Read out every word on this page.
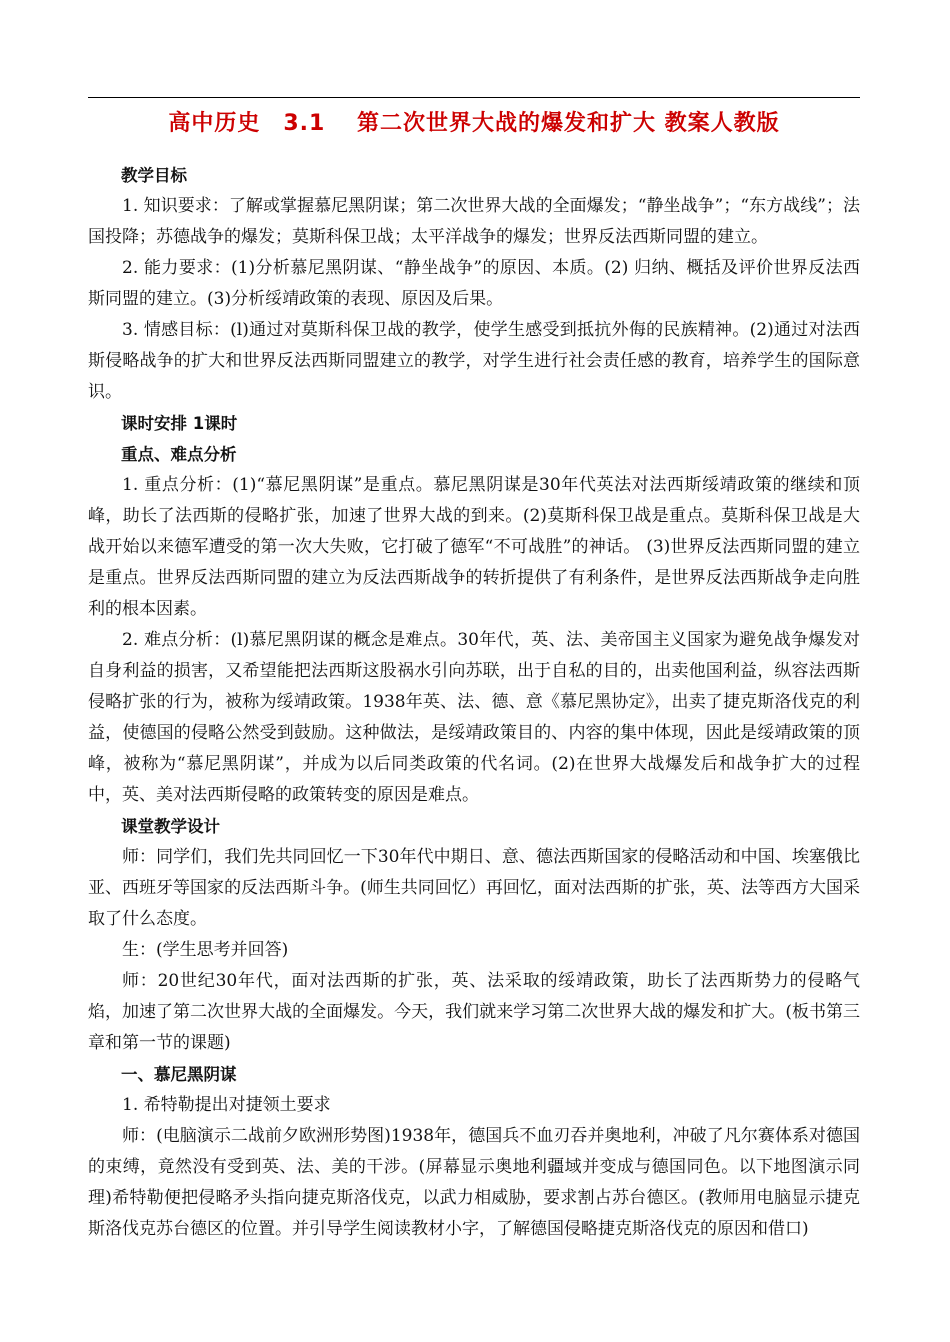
高中历史　3.1　 第二次世界大战的爆发和扩大 教案人教版

教学目标

1. 知识要求：了解或掌握慕尼黑阴谋；第二次世界大战的全面爆发；“静坐战争”；“东方战线”；法国投降；苏德战争的爆发；莫斯科保卫战；太平洋战争的爆发；世界反法西斯同盟的建立。

2. 能力要求：(1)分析慕尼黑阴谋、“静坐战争”的原因、本质。(2) 归纳、概括及评价世界反法西斯同盟的建立。(3)分析绥靖政策的表现、原因及后果。

3. 情感目标：(l)通过对莫斯科保卫战的教学，使学生感受到抵抗外侮的民族精神。(2)通过对法西斯侵略战争的扩大和世界反法西斯同盟建立的教学，对学生进行社会责任感的教育，培养学生的国际意识。

课时安排 1课时

重点、难点分析

1. 重点分析：(1)“慕尼黑阴谋”是重点。慕尼黑阴谋是30年代英法对法西斯绥靖政策的继续和顶峰，助长了法西斯的侵略扩张，加速了世界大战的到来。(2)莫斯科保卫战是重点。莫斯科保卫战是大战开始以来德军遭受的第一次大失败，它打破了德军“不可战胜”的神话。 (3)世界反法西斯同盟的建立是重点。世界反法西斯同盟的建立为反法西斯战争的转折提供了有利条件，是世界反法西斯战争走向胜利的根本因素。

2. 难点分析：(l)慕尼黑阴谋的概念是难点。30年代，英、法、美帝国主义国家为避免战争爆发对自身利益的损害，又希望能把法西斯这股祸水引向苏联，出于自私的目的，出卖他国利益，纵容法西斯侵略扩张的行为，被称为绥靖政策。1938年英、法、德、意《慕尼黑协定》，出卖了捷克斯洛伐克的利益，使德国的侵略公然受到鼓励。这种做法，是绥靖政策目的、内容的集中体现，因此是绥靖政策的顶峰，被称为“慕尼黑阴谋”，并成为以后同类政策的代名词。(2)在世界大战爆发后和战争扩大的过程中，英、美对法西斯侵略的政策转变的原因是难点。

课堂教学设计

师：同学们，我们先共同回忆一下30年代中期日、意、德法西斯国家的侵略活动和中国、埃塞俄比亚、西班牙等国家的反法西斯斗争。(师生共同回忆）再回忆，面对法西斯的扩张，英、法等西方大国采取了什么态度。

生：(学生思考并回答)

师：20世纪30年代，面对法西斯的扩张，英、法采取的绥靖政策，助长了法西斯势力的侵略气焰，加速了第二次世界大战的全面爆发。今天，我们就来学习第二次世界大战的爆发和扩大。(板书第三章和第一节的课题)

一、慕尼黑阴谋

1. 希特勒提出对捷领土要求

师：(电脑演示二战前夕欧洲形势图)1938年，德国兵不血刃吞并奥地利，冲破了凡尔赛体系对德国的束缚，竟然没有受到英、法、美的干涉。(屏幕显示奥地利疆域并变成与德国同色。以下地图演示同理)希特勒便把侵略矛头指向捷克斯洛伐克，以武力相威胁，要求割占苏台德区。(教师用电脑显示捷克斯洛伐克苏台德区的位置。并引导学生阅读教材小字，了解德国侵略捷克斯洛伐克的原因和借口)
